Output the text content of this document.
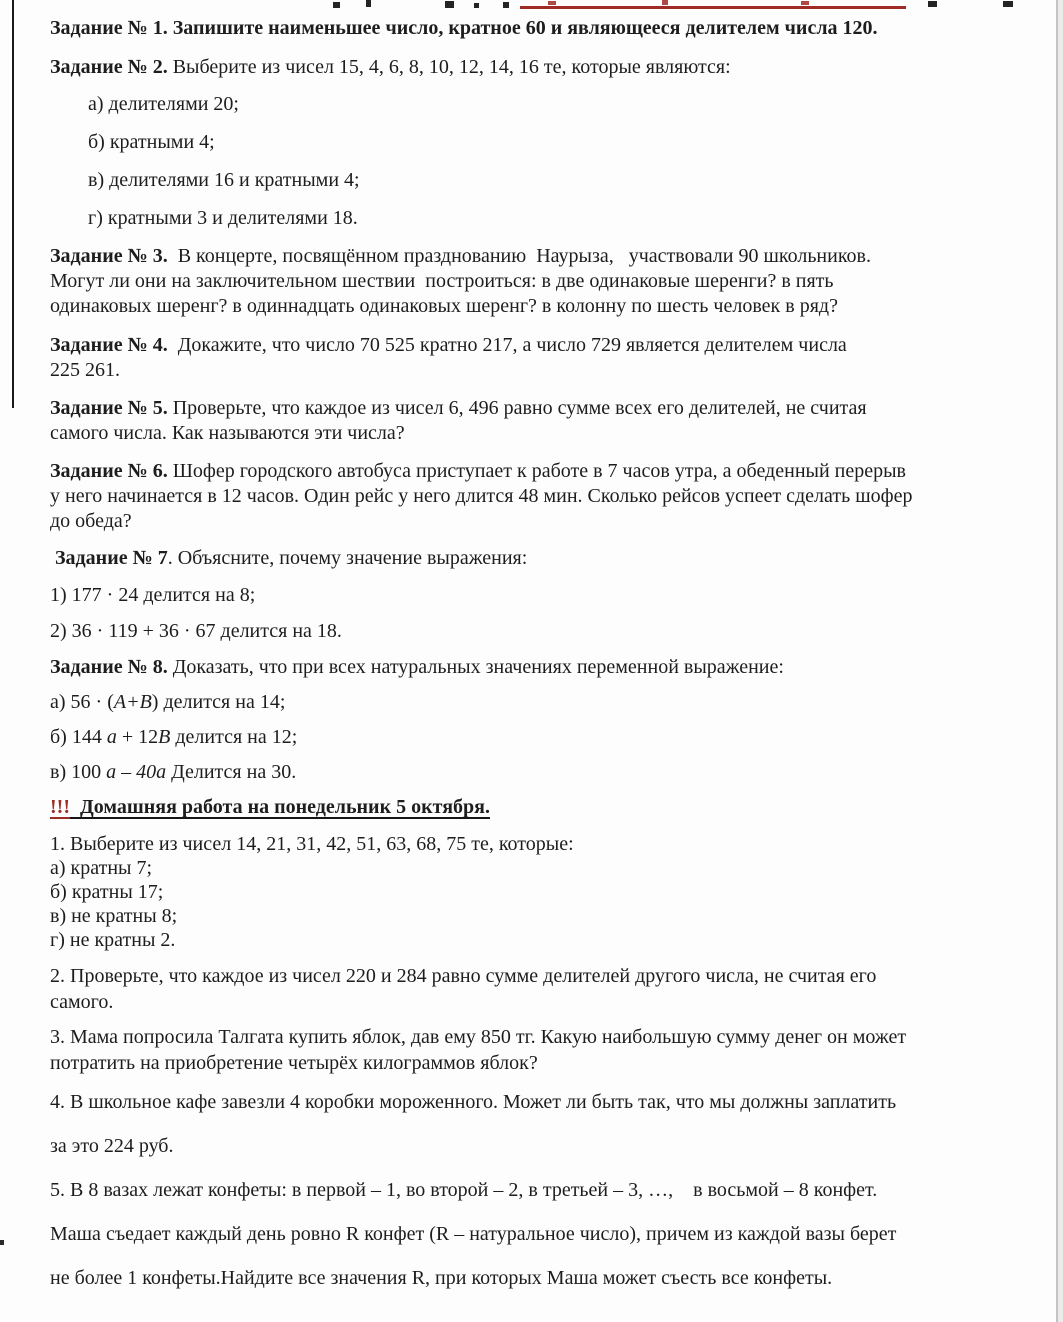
Задание № 1. Запишите наименьшее число, кратное 60 и являющееся делителем числа 120.

Задание № 2. Выберите из чисел 15, 4, 6, 8, 10, 12, 14, 16 те, которые являются:

а) делителями 20;

б) кратными 4;

в) делителями 16 и кратными 4;

г) кратными 3 и делителями 18.

Задание № 3.  В концерте, посвящённом празднованию  Наурыза,   участвовали 90 школьников.
Могут ли они на заключительном шествии  построиться: в две одинаковые шеренги? в пять
одинаковых шеренг? в одиннадцать одинаковых шеренг? в колонну по шесть человек в ряд?

Задание № 4.  Докажите, что число 70 525 кратно 217, а число 729 является делителем числа
225 261.

Задание № 5. Проверьте, что каждое из чисел 6, 496 равно сумме всех его делителей, не считая
самого числа. Как называются эти числа?

Задание № 6. Шофер городского автобуса приступает к работе в 7 часов утра, а обеденный перерыв
у него начинается в 12 часов. Один рейс у него длится 48 мин. Сколько рейсов успеет сделать шофер
до обеда?

Задание № 7. Объясните, почему значение выражения:

1) 177 · 24 делится на 8;

2) 36 · 119 + 36 · 67 делится на 18.

Задание № 8. Доказать, что при всех натуральных значениях переменной выражение:

а) 56 · (A+B) делится на 14;

б) 144 a + 12B делится на 12;

в) 100 a – 40a Делится на 30.

!!!  Домашняя работа на понедельник 5 октября.

1. Выберите из чисел 14, 21, 31, 42, 51, 63, 68, 75 те, которые:
а) кратны 7;
б) кратны 17;
в) не кратны 8;
г) не кратны 2.

2. Проверьте, что каждое из чисел 220 и 284 равно сумме делителей другого числа, не считая его
самого.

3. Мама попросила Талгата купить яблок, дав ему 850 тг. Какую наибольшую сумму денег он может
потратить на приобретение четырёх килограммов яблок?

4. В школьное кафе завезли 4 коробки мороженного. Может ли быть так, что мы должны заплатить
за это 224 руб.

5. В 8 вазах лежат конфеты: в первой – 1, во второй – 2, в третьей – 3, …,    в восьмой – 8 конфет.
Маша съедает каждый день ровно R конфет (R – натуральное число), причем из каждой вазы берет
не более 1 конфеты.Найдите все значения R, при которых Маша может съесть все конфеты.
